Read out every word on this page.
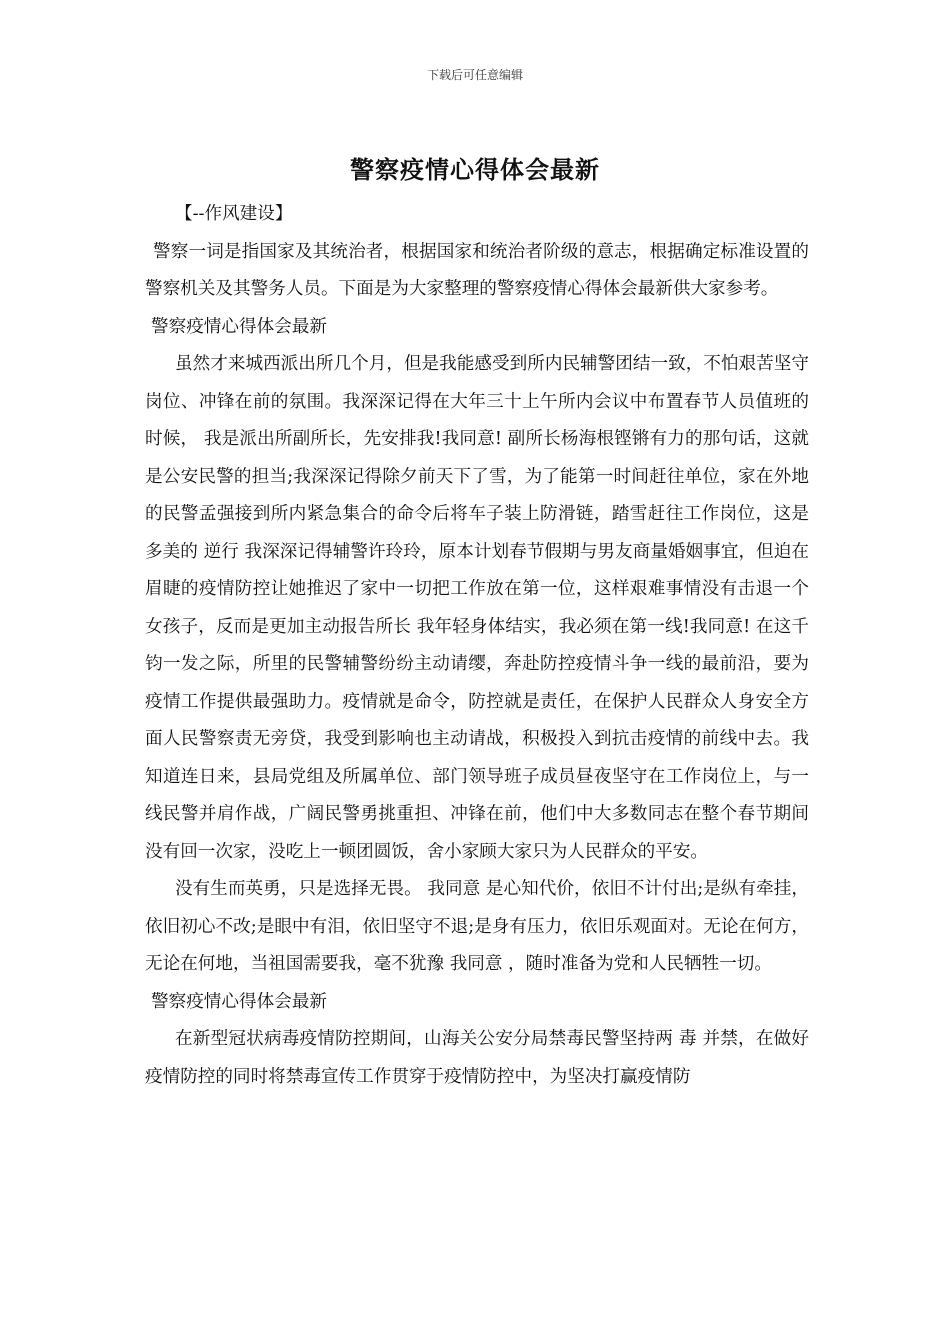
下载后可任意编辑
警察疫情心得体会最新

【--作风建设】

警察一词是指国家及其统治者，根据国家和统治者阶级的意志，根据确定标准设置的警察机关及其警务人员。下面是为大家整理的警察疫情心得体会最新供大家参考。

警察疫情心得体会最新

虽然才来城西派出所几个月，但是我能感受到所内民辅警团结一致，不怕艰苦坚守岗位、冲锋在前的氛围。我深深记得在大年三十上午所内会议中布置春节人员值班的时候， 我是派出所副所长，先安排我!我同意! 副所长杨海根铿锵有力的那句话，这就是公安民警的担当;我深深记得除夕前天下了雪，为了能第一时间赶往单位，家在外地的民警孟强接到所内紧急集合的命令后将车子装上防滑链，踏雪赶往工作岗位，这是多美的 逆行 我深深记得辅警许玲玲，原本计划春节假期与男友商量婚姻事宜，但迫在眉睫的疫情防控让她推迟了家中一切把工作放在第一位，这样艰难事情没有击退一个女孩子，反而是更加主动报告所长 我年轻身体结实，我必须在第一线!我同意! 在这千钧一发之际，所里的民警辅警纷纷主动请缨，奔赴防控疫情斗争一线的最前沿，要为疫情工作提供最强助力。疫情就是命令，防控就是责任，在保护人民群众人身安全方面人民警察责无旁贷，我受到影响也主动请战，积极投入到抗击疫情的前线中去。我知道连日来，县局党组及所属单位、部门领导班子成员昼夜坚守在工作岗位上，与一线民警并肩作战，广阔民警勇挑重担、冲锋在前，他们中大多数同志在整个春节期间没有回一次家，没吃上一顿团圆饭，舍小家顾大家只为人民群众的平安。

没有生而英勇，只是选择无畏。 我同意 是心知代价，依旧不计付出;是纵有牵挂，依旧初心不改;是眼中有泪，依旧坚守不退;是身有压力，依旧乐观面对。无论在何方，无论在何地，当祖国需要我，毫不犹豫 我同意 ，随时准备为党和人民牺牲一切。

警察疫情心得体会最新

在新型冠状病毒疫情防控期间，山海关公安分局禁毒民警坚持两 毒 并禁，在做好疫情防控的同时将禁毒宣传工作贯穿于疫情防控中，为坚决打赢疫情防
